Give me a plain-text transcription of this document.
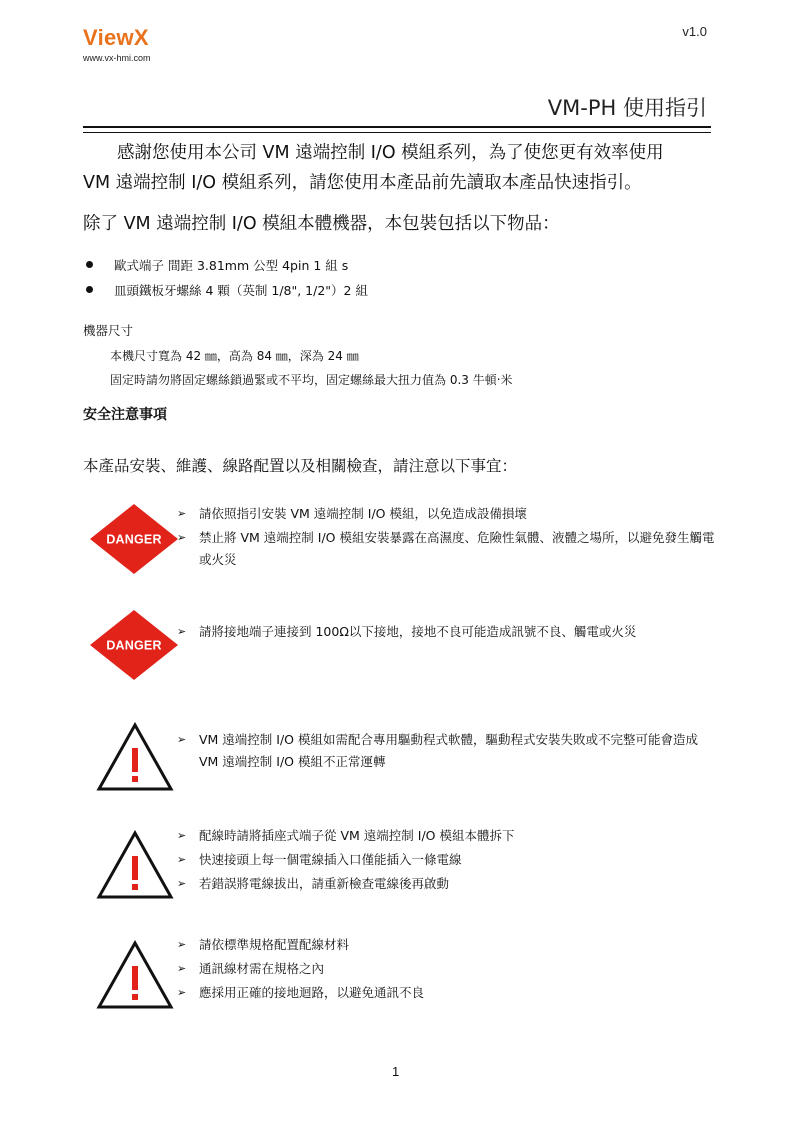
ViewX
www.vx-hmi.com
v1.0
VM-PH 使用指引
感謝您使用本公司 VM 遠端控制 I/O 模組系列，為了使您更有效率使用
VM 遠端控制 I/O 模組系列，請您使用本產品前先讀取本產品快速指引。
除了 VM 遠端控制 I/O 模組本體機器，本包裝包括以下物品：
歐式端子 間距 3.81mm 公型 4pin 1 組 s
皿頭鐵板牙螺絲 4 顆（英制 1/8", 1/2"）2 組
機器尺寸
本機尺寸寬為 42 ㎜，高為 84 ㎜，深為 24 ㎜
固定時請勿將固定螺絲鎖過緊或不平均，固定螺絲最大扭力值為 0.3 牛頓‧米
安全注意事項
本產品安裝、維護、線路配置以及相關檢查，請注意以下事宜：
DANGER
➢	請依照指引安裝 VM 遠端控制 I/O 模組，以免造成設備損壞
➢	禁止將 VM 遠端控制 I/O 模組安裝暴露在高濕度、危險性氣體、液體之場所，以避免發生觸電或火災
DANGER
➢	請將接地端子連接到 100Ω以下接地，接地不良可能造成訊號不良、觸電或火災
➢	VM 遠端控制 I/O 模組如需配合專用驅動程式軟體，驅動程式安裝失敗或不完整可能會造成 VM 遠端控制 I/O 模組不正常運轉
➢	配線時請將插座式端子從 VM 遠端控制 I/O 模組本體拆下
➢	快速接頭上每一個電線插入口僅能插入一條電線
➢	若錯誤將電線拔出，請重新檢查電線後再啟動
➢	請依標準規格配置配線材料
➢	通訊線材需在規格之內
➢	應採用正確的接地迴路，以避免通訊不良
1
